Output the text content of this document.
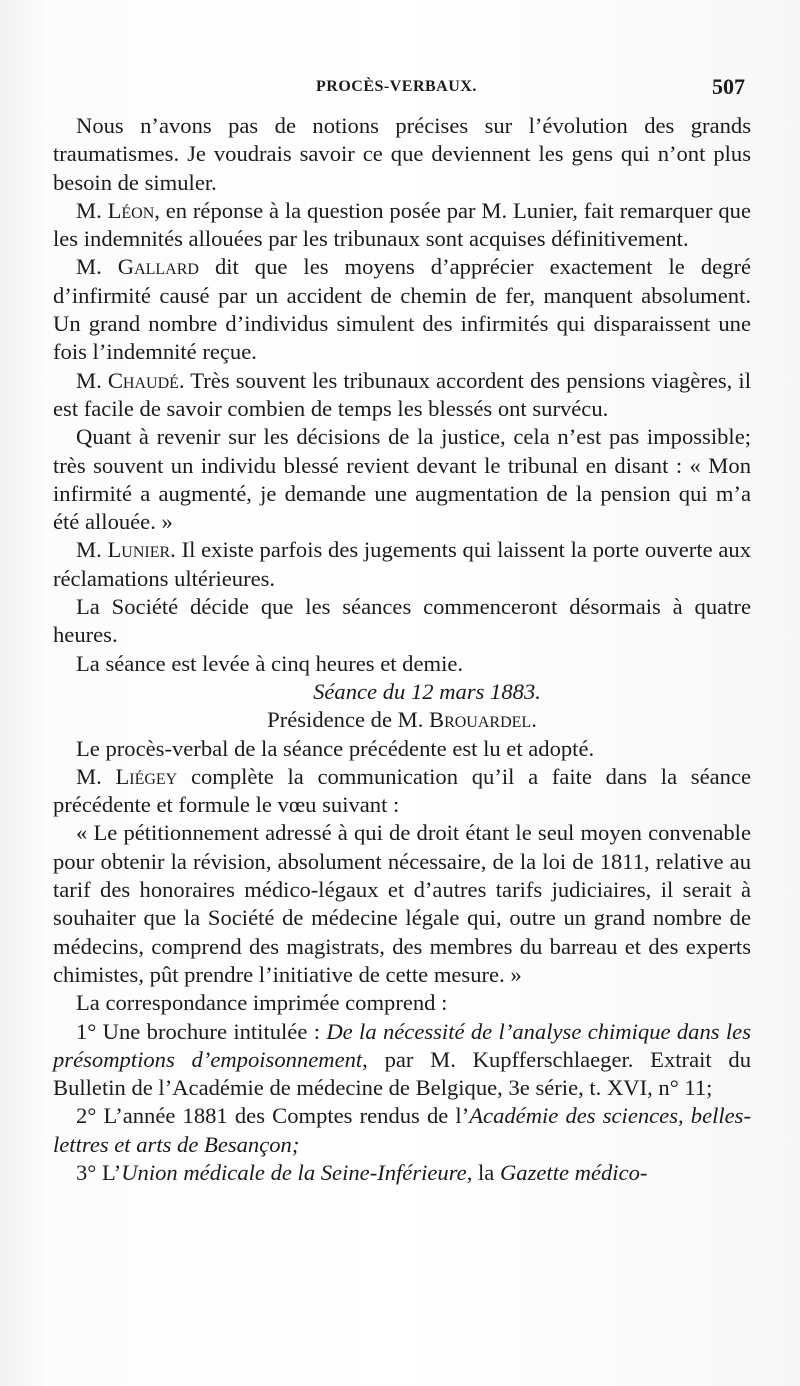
PROCÈS-VERBAUX.	507

Nous n’avons pas de notions précises sur l’évolution des grands traumatismes. Je voudrais savoir ce que deviennent les gens qui n’ont plus besoin de simuler.

M. Léon, en réponse à la question posée par M. Lunier, fait remarquer que les indemnités allouées par les tribunaux sont acquises définitivement.

M. Gallard dit que les moyens d’apprécier exactement le degré d’infirmité causé par un accident de chemin de fer, manquent absolument. Un grand nombre d’individus simulent des infirmités qui disparaissent une fois l’indemnité reçue.

M. Chaudé. Très souvent les tribunaux accordent des pensions viagères, il est facile de savoir combien de temps les blessés ont survécu.

Quant à revenir sur les décisions de la justice, cela n’est pas impossible; très souvent un individu blessé revient devant le tribunal en disant : « Mon infirmité a augmenté, je demande une augmentation de la pension qui m’a été allouée. »

M. Lunier. Il existe parfois des jugements qui laissent la porte ouverte aux réclamations ultérieures.

La Société décide que les séances commenceront désormais à quatre heures.

La séance est levée à cinq heures et demie.

Séance du 12 mars 1883.

Présidence de M. Brouardel.

Le procès-verbal de la séance précédente est lu et adopté.

M. Liégey complète la communication qu’il a faite dans la séance précédente et formule le vœu suivant :

« Le pétitionnement adressé à qui de droit étant le seul moyen convenable pour obtenir la révision, absolument nécessaire, de la loi de 1811, relative au tarif des honoraires médico-légaux et d’autres tarifs judiciaires, il serait à souhaiter que la Société de médecine légale qui, outre un grand nombre de médecins, comprend des magistrats, des membres du barreau et des experts chimistes, pût prendre l’initiative de cette mesure. »

La correspondance imprimée comprend :

1° Une brochure intitulée : De la nécessité de l’analyse chimique dans les présomptions d’empoisonnement, par M. Kupfferschlaeger. Extrait du Bulletin de l’Académie de médecine de Belgique, 3e série, t. XVI, n° 11;

2° L’année 1881 des Comptes rendus de l’Académie des sciences, belles-lettres et arts de Besançon;

3° L’Union médicale de la Seine-Inférieure, la Gazette médico-
